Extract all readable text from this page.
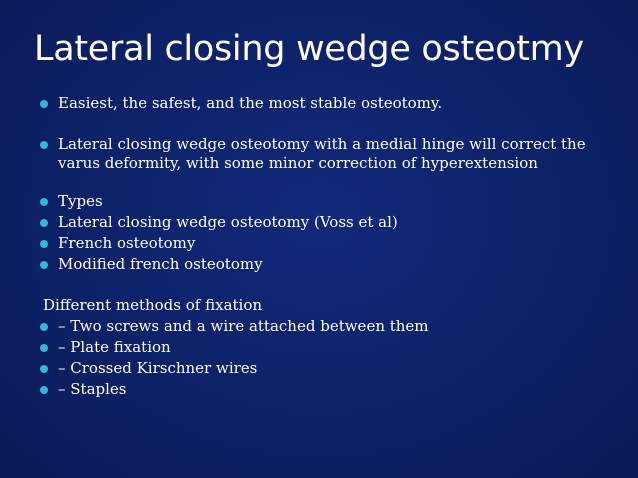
Lateral closing wedge osteotmy

Easiest, the safest, and the most stable osteotomy.

Lateral closing wedge osteotomy with a medial hinge will correct the varus deformity, with some minor correction of hyperextension

Types

Lateral closing wedge osteotomy (Voss et al)

French osteotomy

Modified french osteotomy

Different methods of fixation

– Two screws and a wire attached between them

– Plate fixation

– Crossed Kirschner wires

– Staples
